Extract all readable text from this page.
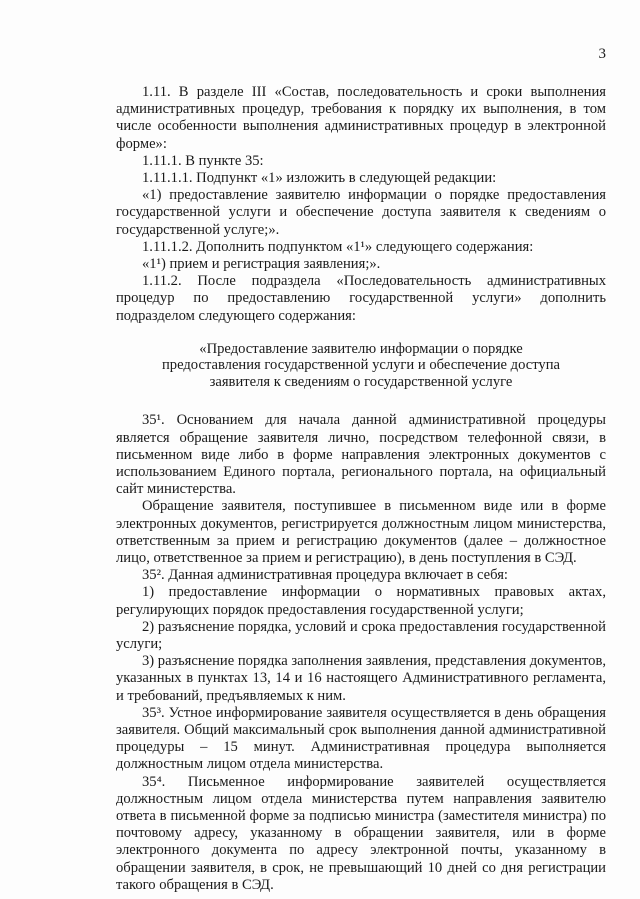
3

1.11. В разделе III «Состав, последовательность и сроки выполнения административных процедур, требования к порядку их выполнения, в том числе особенности выполнения административных процедур в электронной форме»:

1.11.1. В пункте 35:

1.11.1.1. Подпункт «1» изложить в следующей редакции:

«1) предоставление заявителю информации о порядке предоставления государственной услуги и обеспечение доступа заявителя к сведениям о государственной услуге;».

1.11.1.2. Дополнить подпунктом «1¹» следующего содержания:

«1¹) прием и регистрация заявления;».

1.11.2. После подраздела «Последовательность административных процедур по предоставлению государственной услуги» дополнить подразделом следующего содержания:

«Предоставление заявителю информации о порядке
предоставления государственной услуги и обеспечение доступа
заявителя к сведениям о государственной услуге

35¹. Основанием для начала данной административной процедуры является обращение заявителя лично, посредством телефонной связи, в письменном виде либо в форме направления электронных документов с использованием Единого портала, регионального портала, на официальный сайт министерства.

Обращение заявителя, поступившее в письменном виде или в форме электронных документов, регистрируется должностным лицом министерства, ответственным за прием и регистрацию документов (далее – должностное лицо, ответственное за прием и регистрацию), в день поступления в СЭД.

35². Данная административная процедура включает в себя:

1) предоставление информации о нормативных правовых актах, регулирующих порядок предоставления государственной услуги;

2) разъяснение порядка, условий и срока предоставления государственной услуги;

3) разъяснение порядка заполнения заявления, представления документов, указанных в пунктах 13, 14 и 16 настоящего Административного регламента, и требований, предъявляемых к ним.

35³. Устное информирование заявителя осуществляется в день обращения заявителя. Общий максимальный срок выполнения данной административной процедуры – 15 минут. Административная процедура выполняется должностным лицом отдела министерства.

35⁴. Письменное информирование заявителей осуществляется должностным лицом отдела министерства путем направления заявителю ответа в письменной форме за подписью министра (заместителя министра) по почтовому адресу, указанному в обращении заявителя, или в форме электронного документа по адресу электронной почты, указанному в обращении заявителя, в срок, не превышающий 10 дней со дня регистрации такого обращения в СЭД.
